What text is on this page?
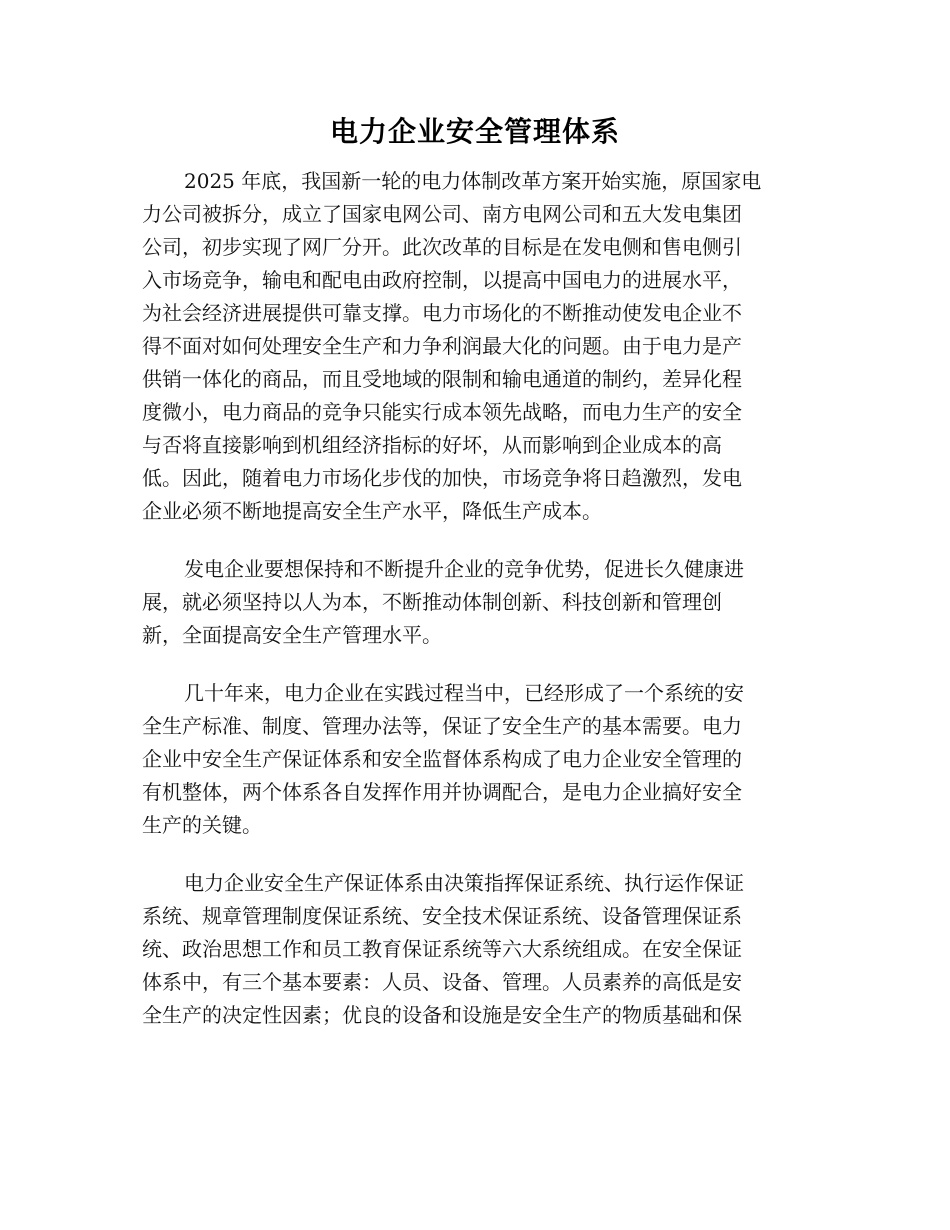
电力企业安全管理体系
2025 年底，我国新一轮的电力体制改革方案开始实施，原国家电
力公司被拆分，成立了国家电网公司、南方电网公司和五大发电集团
公司，初步实现了网厂分开。此次改革的目标是在发电侧和售电侧引
入市场竞争，输电和配电由政府控制，以提高中国电力的进展水平，
为社会经济进展提供可靠支撑。电力市场化的不断推动使发电企业不
得不面对如何处理安全生产和力争利润最大化的问题。由于电力是产
供销一体化的商品，而且受地域的限制和输电通道的制约，差异化程
度微小，电力商品的竞争只能实行成本领先战略，而电力生产的安全
与否将直接影响到机组经济指标的好坏，从而影响到企业成本的高
低。因此，随着电力市场化步伐的加快，市场竞争将日趋激烈，发电
企业必须不断地提高安全生产水平，降低生产成本。
发电企业要想保持和不断提升企业的竞争优势，促进长久健康进
展，就必须坚持以人为本，不断推动体制创新、科技创新和管理创
新，全面提高安全生产管理水平。
几十年来，电力企业在实践过程当中，已经形成了一个系统的安
全生产标准、制度、管理办法等，保证了安全生产的基本需要。电力
企业中安全生产保证体系和安全监督体系构成了电力企业安全管理的
有机整体，两个体系各自发挥作用并协调配合，是电力企业搞好安全
生产的关键。
电力企业安全生产保证体系由决策指挥保证系统、执行运作保证
系统、规章管理制度保证系统、安全技术保证系统、设备管理保证系
统、政治思想工作和员工教育保证系统等六大系统组成。在安全保证
体系中，有三个基本要素：人员、设备、管理。人员素养的高低是安
全生产的决定性因素；优良的设备和设施是安全生产的物质基础和保
